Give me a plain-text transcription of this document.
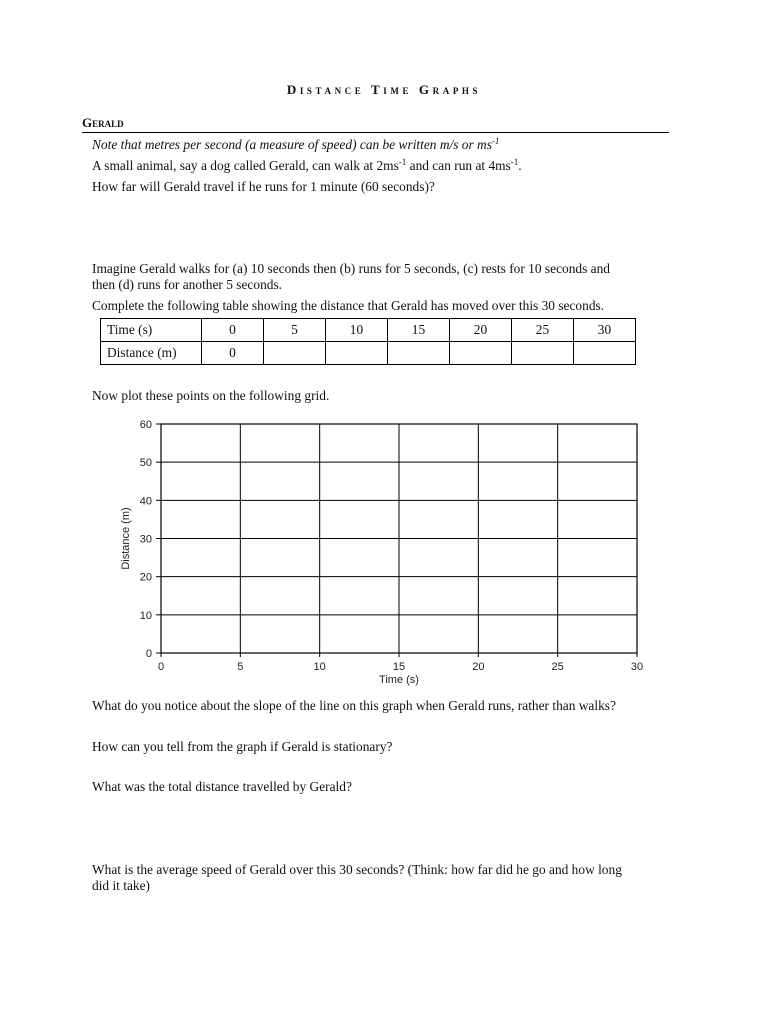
Distance Time Graphs
Gerald
Note that metres per second (a measure of speed) can be written m/s or $ms^{-1}$
A small animal, say a dog called Gerald, can walk at $2ms^{-1}$ and can run at $4ms^{-1}$.
How far will Gerald travel if he runs for 1 minute (60 seconds)?
Imagine Gerald walks for (a) 10 seconds then (b) runs for 5 seconds, (c) rests for 10 seconds and
then (d) runs for another 5 seconds.
Complete the following table showing the distance that Gerald has moved over this 30 seconds.
Time (s)	0	5	10	15	20	25	30
Distance (m)	0						
Now plot these points on the following grid.
0	5	10	15	20	25	30
0
10
20
30
40
50
60
Time (s)
Distance (m)
What do you notice about the slope of the line on this graph when Gerald runs, rather than walks?
How can you tell from the graph if Gerald is stationary?
What was the total distance travelled by Gerald?
What is the average speed of Gerald over this 30 seconds? (Think: how far did he go and how long
did it take)
